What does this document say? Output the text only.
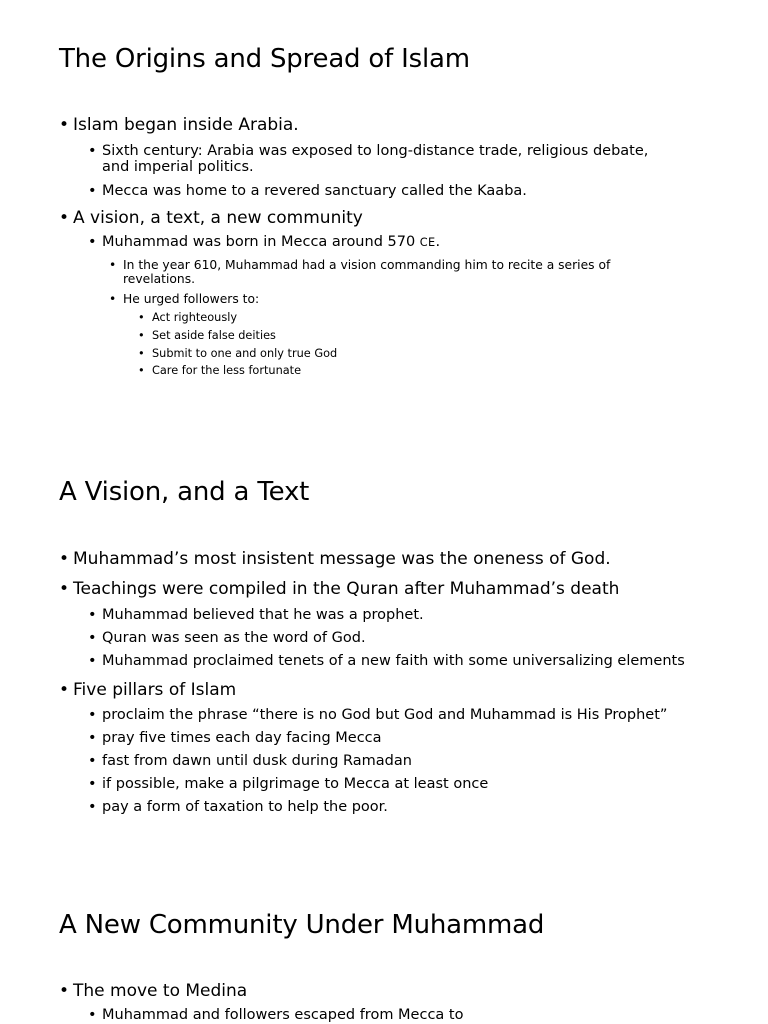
The Origins and Spread of Islam
• Islam began inside Arabia.
• Sixth century: Arabia was exposed to long-distance trade, religious debate,
and imperial politics.
• Mecca was home to a revered sanctuary called the Kaaba.
• A vision, a text, a new community
• Muhammad was born in Mecca around 570 CE.
• In the year 610, Muhammad had a vision commanding him to recite a series of
revelations.
• He urged followers to:
• Act righteously
• Set aside false deities
• Submit to one and only true God
• Care for the less fortunate
A Vision, and a Text
• Muhammad’s most insistent message was the oneness of God.
• Teachings were compiled in the Quran after Muhammad’s death
• Muhammad believed that he was a prophet.
• Quran was seen as the word of God.
• Muhammad proclaimed tenets of a new faith with some universalizing elements
• Five pillars of Islam
• proclaim the phrase “there is no God but God and Muhammad is His Prophet”
• pray five times each day facing Mecca
• fast from dawn until dusk during Ramadan
• if possible, make a pilgrimage to Mecca at least once
• pay a form of taxation to help the poor.
A New Community Under Muhammad
• The move to Medina
• Muhammad and followers escaped from Mecca to
